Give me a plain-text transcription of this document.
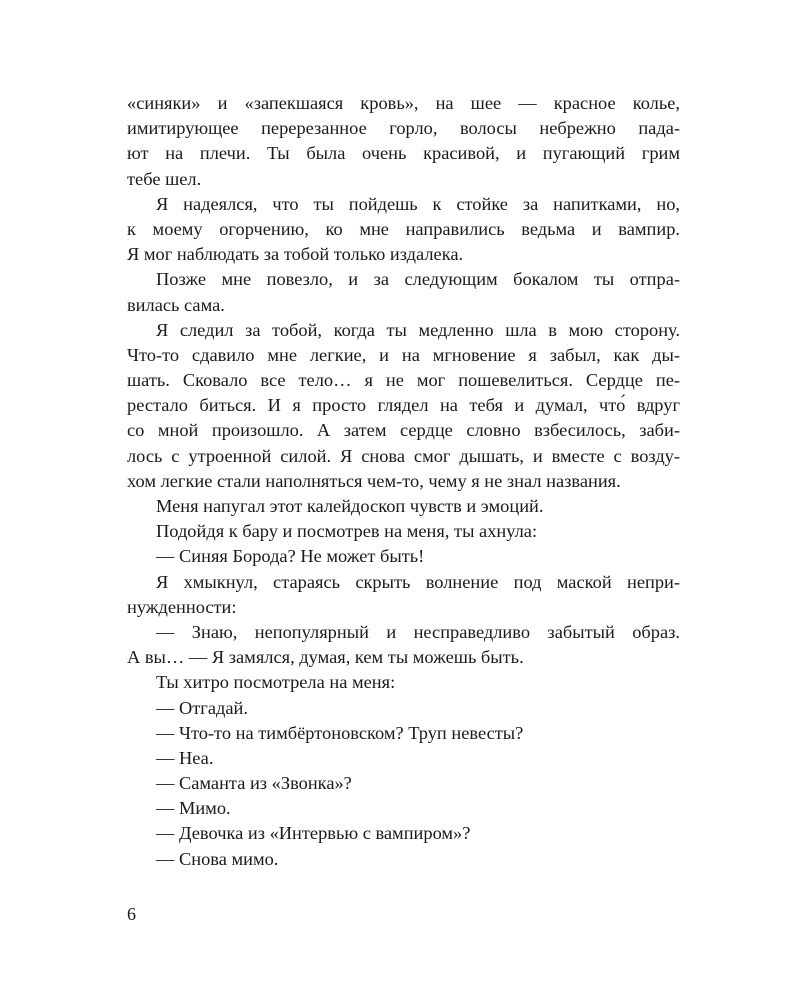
«синяки» и «запекшаяся кровь», на шее — красное колье,
имитирующее перерезанное горло, волосы небрежно пада-
ют на плечи. Ты была очень красивой, и пугающий грим
тебе шел.
Я надеялся, что ты пойдешь к стойке за напитками, но,
к моему огорчению, ко мне направились ведьма и вампир.
Я мог наблюдать за тобой только издалека.
Позже мне повезло, и за следующим бокалом ты отпра-
вилась сама.
Я следил за тобой, когда ты медленно шла в мою сторону.
Что-то сдавило мне легкие, и на мгновение я забыл, как ды-
шать. Сковало все тело… я не мог пошевелиться. Сердце пе-
рестало биться. И я просто глядел на тебя и думал, что́ вдруг
со мной произошло. А затем сердце словно взбесилось, заби-
лось с утроенной силой. Я снова смог дышать, и вместе с возду-
хом легкие стали наполняться чем-то, чему я не знал названия.
Меня напугал этот калейдоскоп чувств и эмоций.
Подойдя к бару и посмотрев на меня, ты ахнула:
— Синяя Борода? Не может быть!
Я хмыкнул, стараясь скрыть волнение под маской непри-
нужденности:
— Знаю, непопулярный и несправедливо забытый образ.
А вы… — Я замялся, думая, кем ты можешь быть.
Ты хитро посмотрела на меня:
— Отгадай.
— Что-то на тимбёртоновском? Труп невесты?
— Неа.
— Саманта из «Звонка»?
— Мимо.
— Девочка из «Интервью с вампиром»?
— Снова мимо.
6
